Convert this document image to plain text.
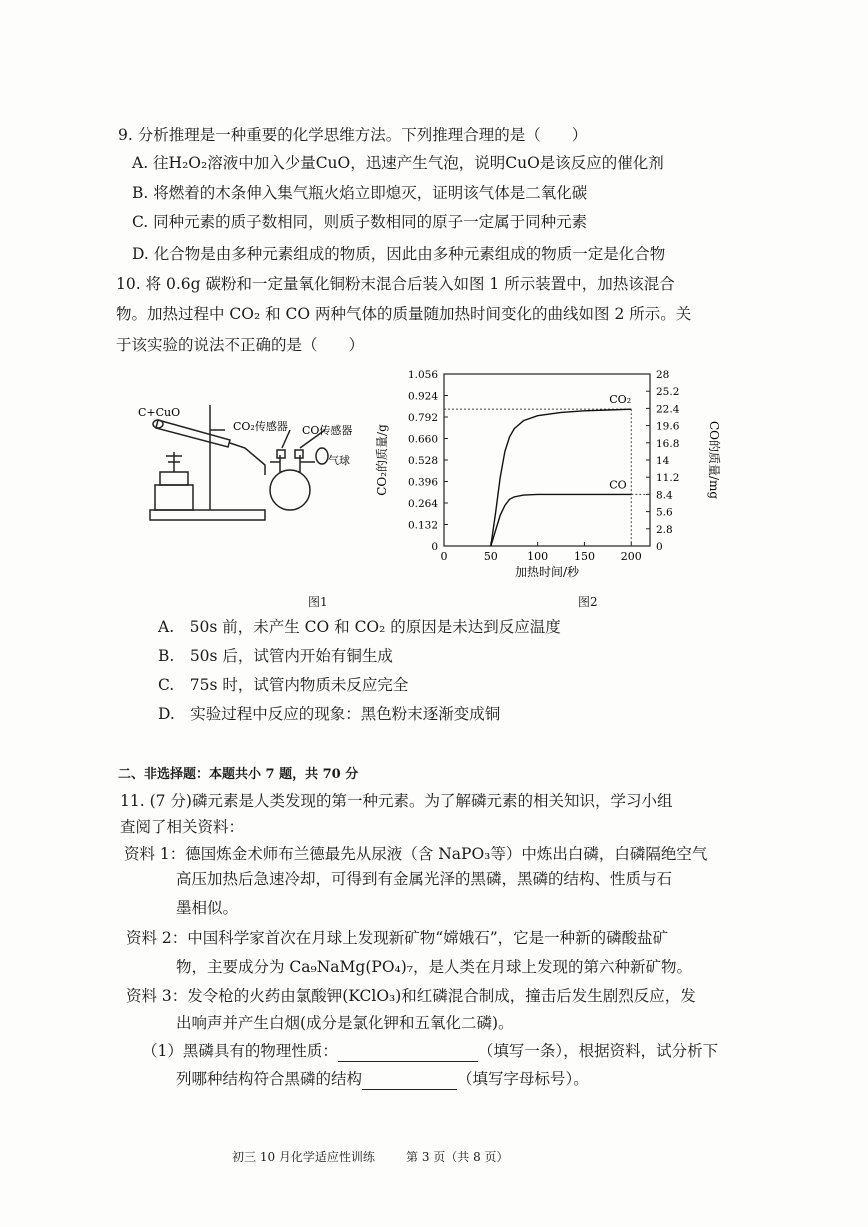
9. 分析推理是一种重要的化学思维方法。下列推理合理的是（　　）
A. 往H₂O₂溶液中加入少量CuO，迅速产生气泡，说明CuO是该反应的催化剂
B. 将燃着的木条伸入集气瓶火焰立即熄灭，证明该气体是二氧化碳
C. 同种元素的质子数相同，则质子数相同的原子一定属于同种元素
D. 化合物是由多种元素组成的物质，因此由多种元素组成的物质一定是化合物
10. 将 0.6g 碳粉和一定量氧化铜粉末混合后装入如图 1 所示装置中，加热该混合
物。加热过程中 CO₂ 和 CO 两种气体的质量随加热时间变化的曲线如图 2 所示。关
于该实验的说法不正确的是（　　）
C+CuO
CO₂传感器 CO传感器
气球
0	50	100 150 200
0
0.132
0.264
0.396
0.528
0.660
0.792
0.924
1.056
0
2.8
5.6
8.4
11.2
14
16.8
19.6
22.4
25.2
28
CO₂
CO
加热时间/秒
CO₂的质量/g	CO的质量/mg
图1	图2
A.　50s 前，未产生 CO 和 CO₂ 的原因是未达到反应温度
B.　50s 后，试管内开始有铜生成
C.　75s 时，试管内物质未反应完全
D.　实验过程中反应的现象：黑色粉末逐渐变成铜
二、非选择题：本题共小 7 题，共 70 分
11. (7 分)磷元素是人类发现的第一种元素。为了解磷元素的相关知识，学习小组
查阅了相关资料：
资料 1：德国炼金术师布兰德最先从尿液（含 NaPO₃等）中炼出白磷，白磷隔绝空气
高压加热后急速冷却，可得到有金属光泽的黑磷，黑磷的结构、性质与石
墨相似。
资料 2：中国科学家首次在月球上发现新矿物“嫦娥石”，它是一种新的磷酸盐矿
物，主要成分为 Ca₉NaMg(PO₄)₇，是人类在月球上发现的第六种新矿物。
资料 3：发令枪的火药由氯酸钾(KClO₃)和红磷混合制成，撞击后发生剧烈反应，发
出响声并产生白烟(成分是氯化钾和五氧化二磷)。
（1）黑磷具有的物理性质：	（填写一条），根据资料，试分析下
列哪种结构符合黑磷的结构	（填写字母标号）。
初三 10 月化学适应性训练	第 3 页（共 8 页）
